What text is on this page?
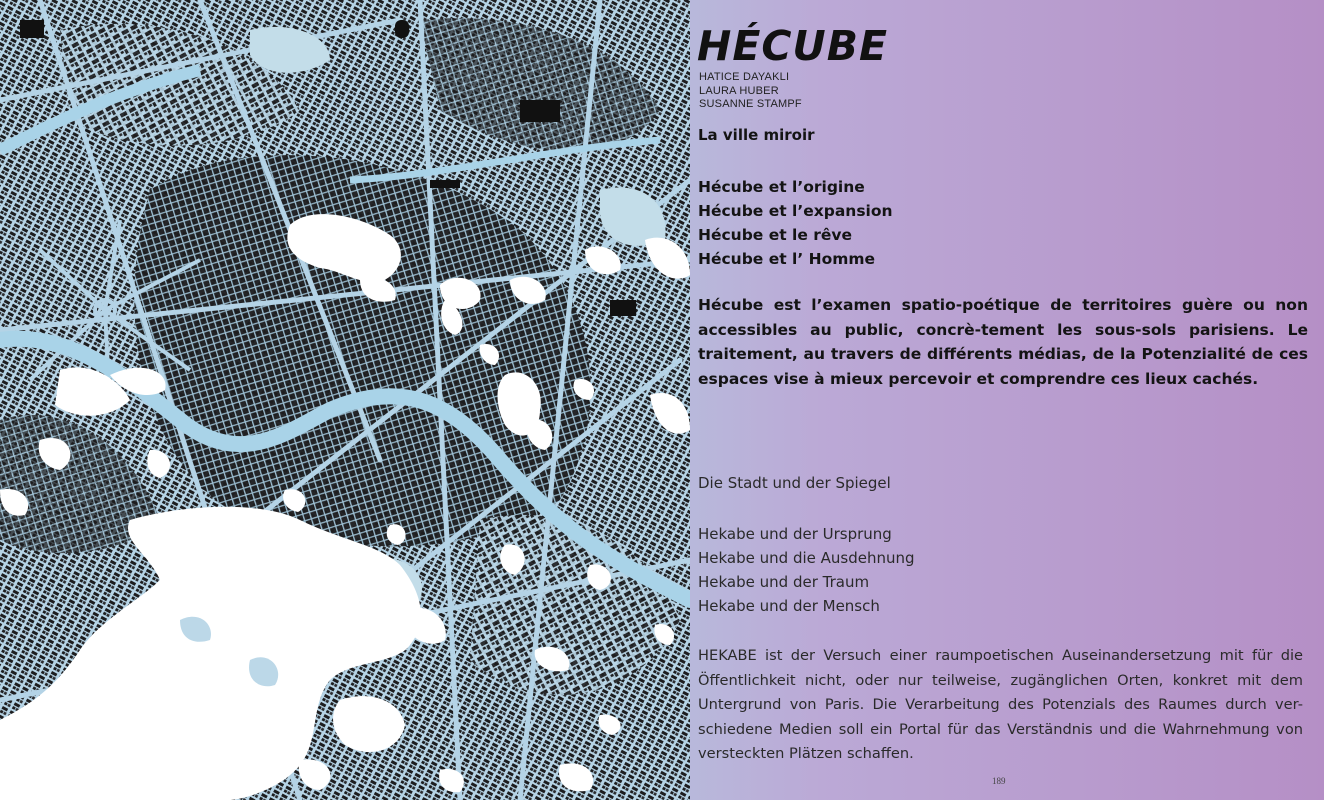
HÉCUBE
HATICE DAYAKLI
LAURA HUBER
SUSANNE STAMPF
La ville miroir
Hécube et l’origine
Hécube et l’expansion
Hécube et le rêve
Hécube et l’ Homme

Hécube est l’examen spatio-poétique de territoires guère ou non accessibles au public, concrè-tement les sous-sols parisiens. Le traitement, au travers de différents médias, de la Potenzialité de ces espaces vise à mieux percevoir et comprendre ces lieux cachés.

Die Stadt und der Spiegel
Hekabe und der Ursprung
Hekabe und die Ausdehnung
Hekabe und der Traum
Hekabe und der Mensch

HEKABE ist der Versuch einer raumpoetischen Auseinandersetzung mit für die Öffentlichkeit nicht, oder nur teilweise, zugänglichen Orten, konkret mit dem Untergrund von Paris. Die Verarbeitung des Potenzials des Raumes durch ver-schiedene Medien soll ein Portal für das Verständnis und die Wahrnehmung von versteckten Plätzen schaffen.

189
